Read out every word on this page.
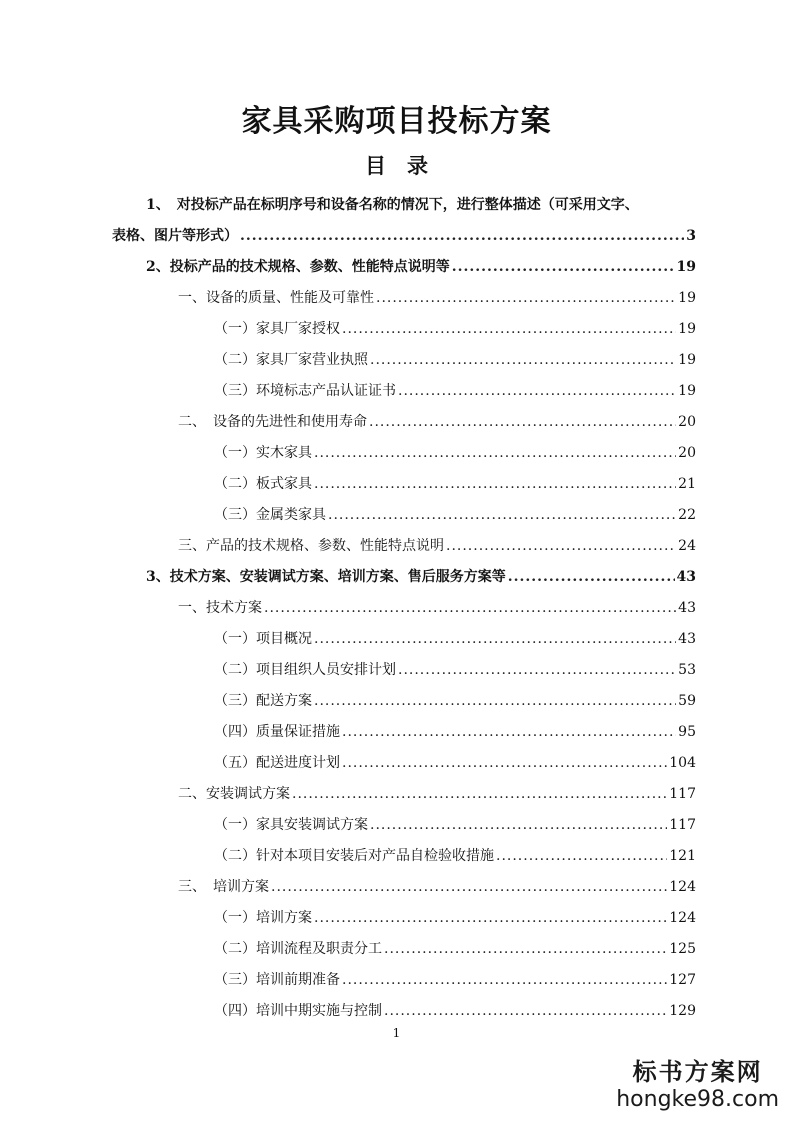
家具采购项目投标方案
目　录
1、　对投标产品在标明序号和设备名称的情况下，进行整体描述（可采用文字、
表格、图片等形式） .....	3
2、投标产品的技术规格、参数、性能特点说明等 .....	19
一、设备的质量、性能及可靠性 .....	19
（一）家具厂家授权 .....	19
（二）家具厂家营业执照 .....	19
（三）环境标志产品认证证书 .....	19
二、　设备的先进性和使用寿命 .....	20
（一）实木家具 .....	20
（二）板式家具 .....	21
（三）金属类家具 .....	22
三、产品的技术规格、参数、性能特点说明 .....	24
3、技术方案、安装调试方案、培训方案、售后服务方案等 .....	43
一、技术方案 .....	43
（一）项目概况 .....	43
（二）项目组织人员安排计划 .....	53
（三）配送方案 .....	59
（四）质量保证措施 .....	95
（五）配送进度计划 .....	104
二、安装调试方案 .....	117
（一）家具安装调试方案 .....	117
（二）针对本项目安装后对产品自检验收措施 .....	121
三、　培训方案 .....	124
（一）培训方案 .....	124
（二）培训流程及职责分工 .....	125
（三）培训前期准备 .....	127
（四）培训中期实施与控制 .....	129
1
标书方案网
hongke98.com
